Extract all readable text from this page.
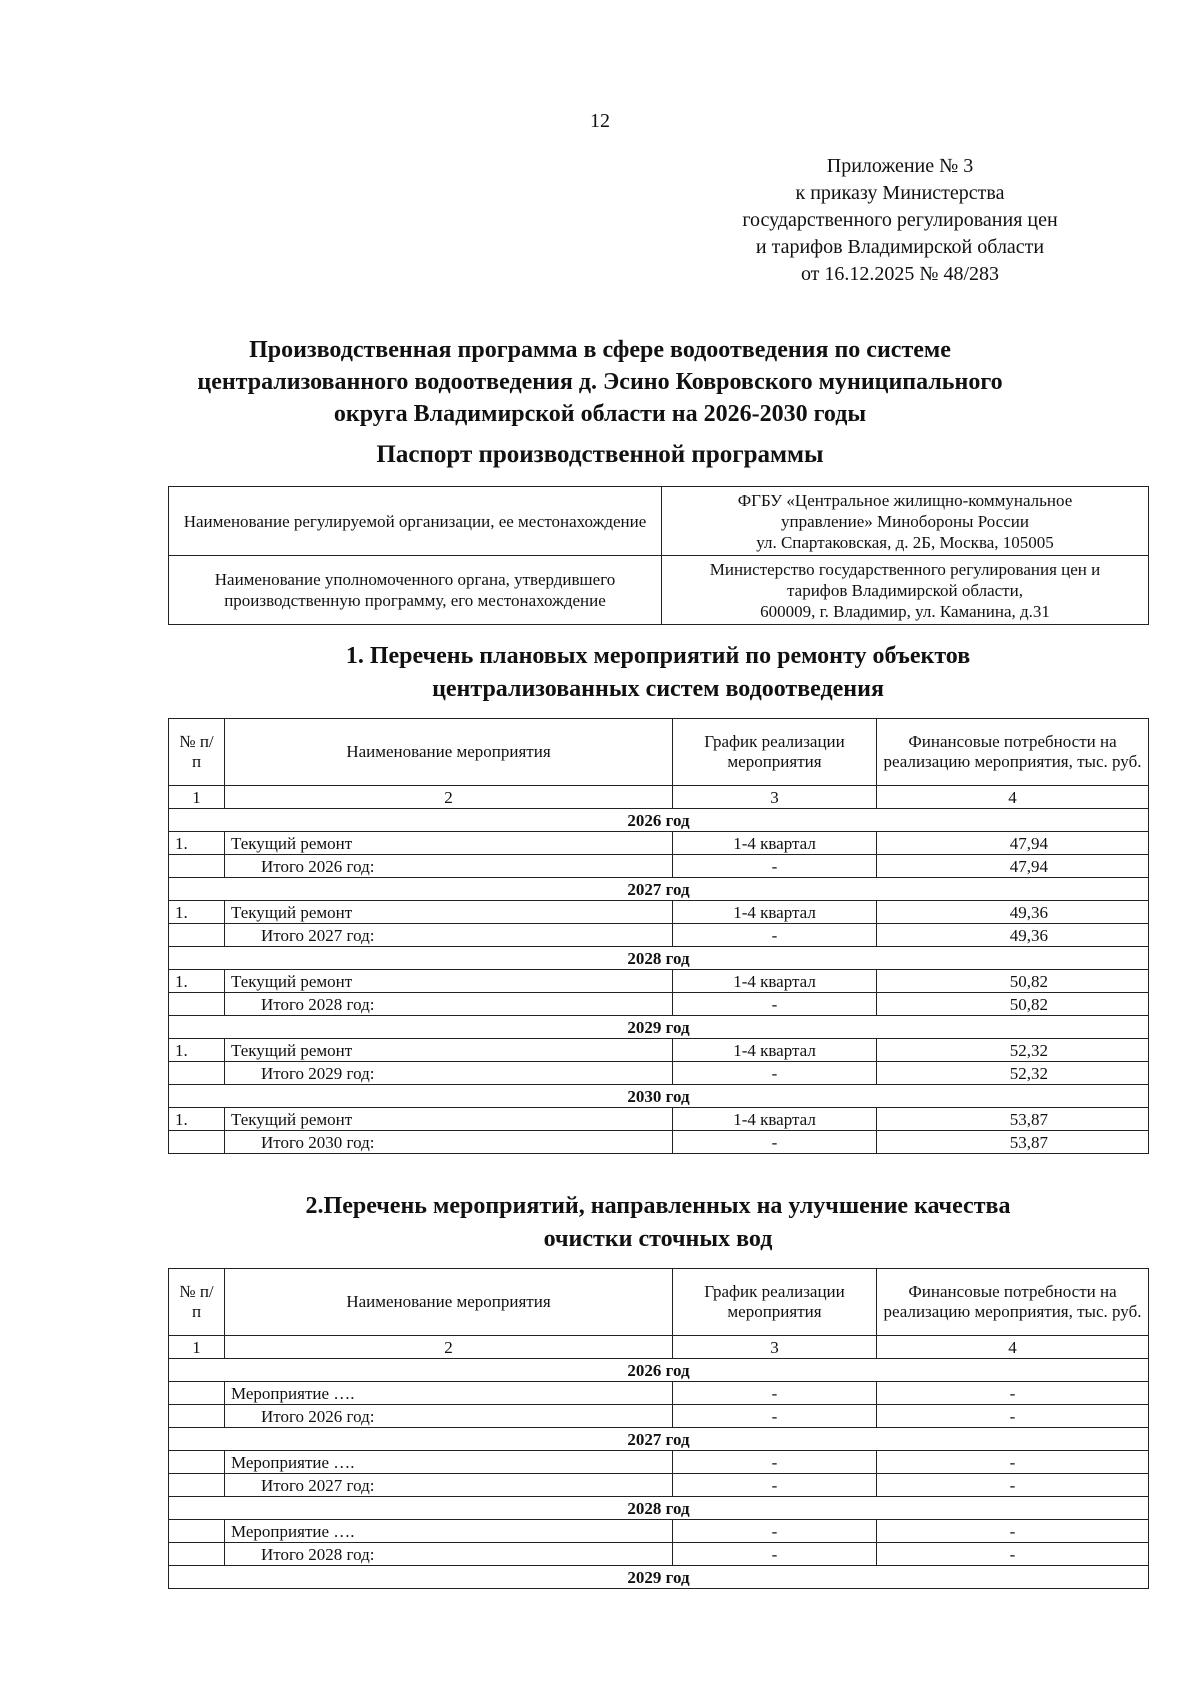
12
Приложение № 3
к приказу Министерства
государственного регулирования цен
и тарифов Владимирской области
от 16.12.2025 № 48/283
Производственная программа в сфере водоотведения по системе
централизованного водоотведения д. Эсино Ковровского муниципального
округа Владимирской области на 2026-2030 годы
Паспорт производственной программы
Наименование регулируемой организации, ее местонахождение	ФГБУ «Центральное жилищно-коммунальное
управление» Минобороны России
ул. Спартаковская, д. 2Б, Москва, 105005

Наименование уполномоченного органа, утвердившего производственную программу, его местонахождение	Министерство государственного регулирования цен и
тарифов Владимирской области,
600009, г. Владимир, ул. Каманина, д.31
1. Перечень плановых мероприятий по ремонту объектов
централизованных систем водоотведения
№ п/п	Наименование мероприятия	График реализации мероприятия	Финансовые потребности на реализацию мероприятия, тыс. руб.
1	2	3	4
2026 год			
1.	Текущий ремонт	1-4 квартал	47,94
	Итого 2026 год:	-	47,94
2027 год			
1.	Текущий ремонт	1-4 квартал	49,36
	Итого 2027 год:	-	49,36
2028 год			
1.	Текущий ремонт	1-4 квартал	50,82
	Итого 2028 год:	-	50,82
2029 год			
1.	Текущий ремонт	1-4 квартал	52,32
	Итого 2029 год:	-	52,32
2030 год			
1.	Текущий ремонт	1-4 квартал	53,87
	Итого 2030 год:	-	53,87
2.Перечень мероприятий, направленных на улучшение качества
очистки сточных вод
№ п/п	Наименование мероприятия	График реализации мероприятия	Финансовые потребности на реализацию мероприятия, тыс. руб.
1	2	3	4
2026 год			
	Мероприятие ….	-	-
	Итого 2026 год:	-	-
2027 год			
	Мероприятие ….	-	-
	Итого 2027 год:	-	-
2028 год			
	Мероприятие ….	-	-
	Итого 2028 год:	-	-
2029 год			
